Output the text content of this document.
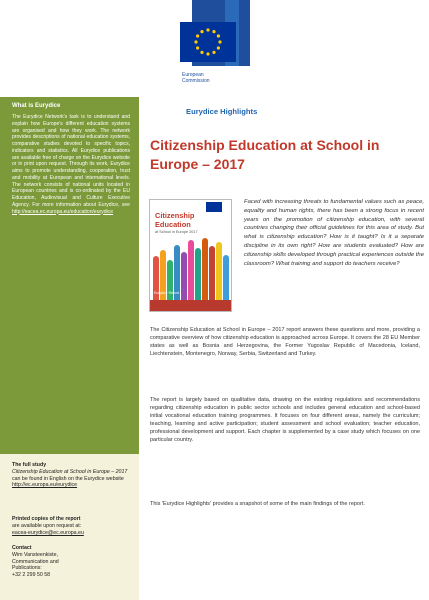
What is Eurydice
The Eurydice Network's task is to understand and explain how Europe's different education systems are organised and how they work. The network provides descriptions of national education systems, comparative studies devoted to specific topics, indicators and statistics. All Eurydice publications are available free of charge on the Eurydice website or in print upon request. Through its work, Eurydice aims to promote understanding, cooperation, trust and mobility at European and international levels. The network consists of national units located in European countries and is co-ordinated by the EU Education, Audiovisual and Culture Executive Agency. For more information about Eurydice, see http://eacea.ec.europa.eu/education/eurydice
The full study
Citizenship Education at School in Europe – 2017
can be found in English on the Eurydice website
http://ec.europa.eu/eurydice
Printed copies of the report
are available upon request at:
eacea-eurydice@ec.europa.eu
Contact
Wim Vansteenkiste,
Communication and
Publications:
+32 2 299 50 58
European
Commission
Eurydice Highlights
Citizenship Education at School in Europe – 2017
Citizenship Education
at School in Europe 2017
Eurydice Report
Faced with increasing threats to fundamental values such as peace, equality and human rights, there has been a strong focus in recent years on the promotion of citizenship education, with several countries changing their official guidelines for this area of study. But what is citizenship education? How is it taught? Is it a separate discipline in its own right? How are students evaluated? How are citizenship skills developed through practical experiences outside the classroom? What training and support do teachers receive?
The Citizenship Education at School in Europe – 2017 report answers these questions and more, providing a comparative overview of how citizenship education is approached across Europe. It covers the 28 EU Member states as well as Bosnia and Herzegovina, the Former Yugoslav Republic of Macedonia, Iceland, Liechtenstein, Montenegro, Norway, Serbia, Switzerland and Turkey.
The report is largely based on qualitative data, drawing on the existing regulations and recommendations regarding citizenship education in public sector schools and includes general education and school-based initial vocational education training programmes. It focuses on four different areas, namely the curriculum; teaching, learning and active participation; student assessment and school evaluation; teacher education, professional development and support. Each chapter is supplemented by a case study which focuses on one particular country.
This 'Eurydice Highlights' provides a snapshot of some of the main findings of the report.
